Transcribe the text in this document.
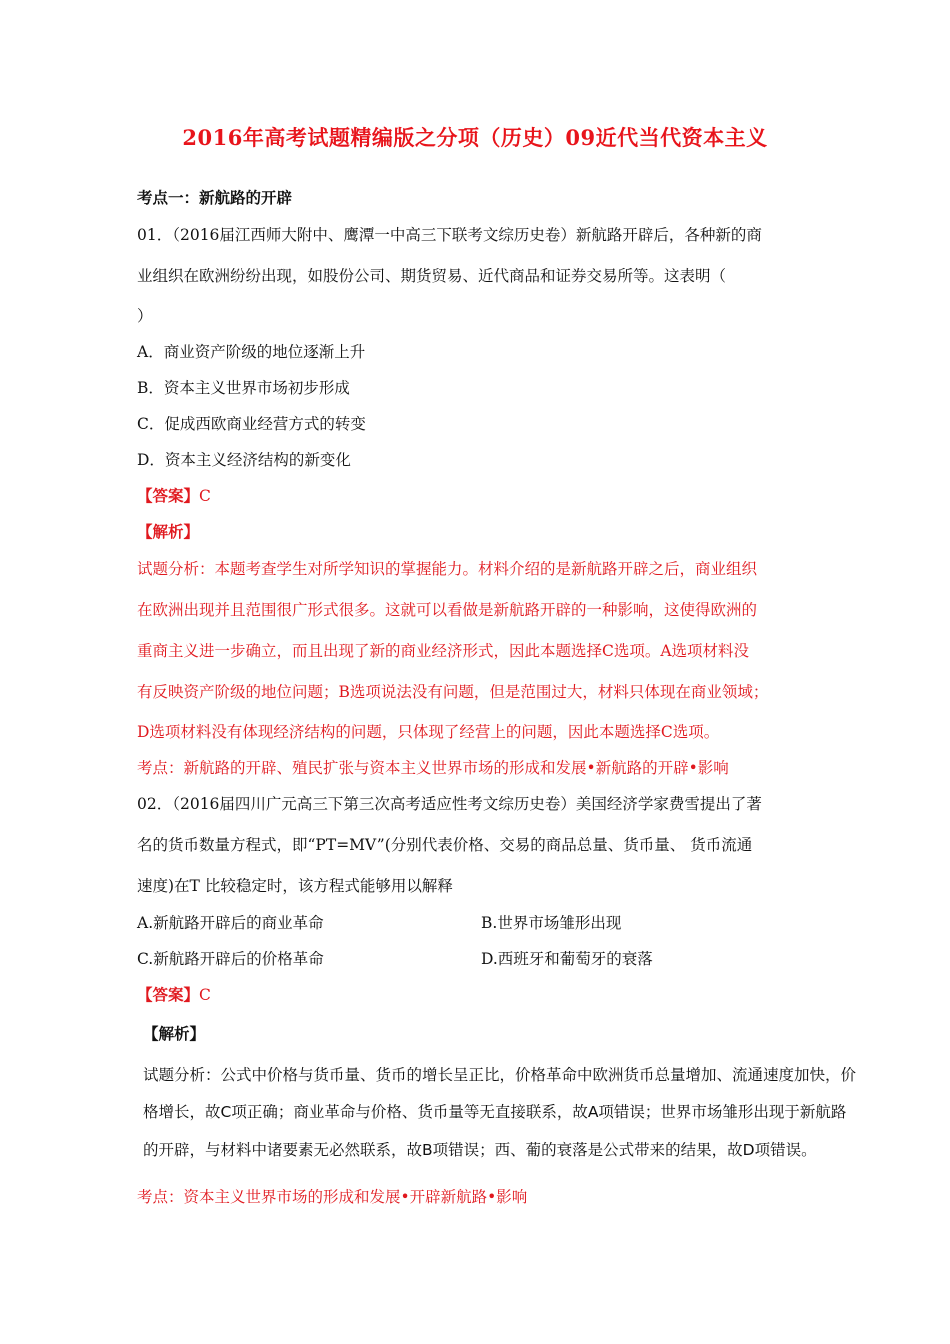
2016年高考试题精编版之分项（历史）09近代当代资本主义
考点一：新航路的开辟
01．（2016届江西师大附中、鹰潭一中高三下联考文综历史卷）新航路开辟后，各种新的商
业组织在欧洲纷纷出现，如股份公司、期货贸易、近代商品和证券交易所等。这表明（
）
A．商业资产阶级的地位逐渐上升
B．资本主义世界市场初步形成
C．促成西欧商业经营方式的转变
D．资本主义经济结构的新变化
【答案】C
【解析】
试题分析：本题考查学生对所学知识的掌握能力。材料介绍的是新航路开辟之后，商业组织
在欧洲出现并且范围很广形式很多。这就可以看做是新航路开辟的一种影响，这使得欧洲的
重商主义进一步确立，而且出现了新的商业经济形式，因此本题选择C选项。A选项材料没
有反映资产阶级的地位问题；B选项说法没有问题，但是范围过大，材料只体现在商业领域；
D选项材料没有体现经济结构的问题，只体现了经营上的问题，因此本题选择C选项。
考点：新航路的开辟、殖民扩张与资本主义世界市场的形成和发展•新航路的开辟•影响
02．（2016届四川广元高三下第三次高考适应性考文综历史卷）美国经济学家费雪提出了著
名的货币数量方程式，即“PT=MV”(分别代表价格、交易的商品总量、货币量、 货币流通
速度)在T 比较稳定时，该方程式能够用以解释
A.新航路开辟后的商业革命	B.世界市场雏形出现
C.新航路开辟后的价格革命	D.西班牙和葡萄牙的衰落
【答案】C
【解析】
试题分析：公式中价格与货币量、货币的增长呈正比，价格革命中欧洲货币总量增加、流通速度加快，价
格增长，故C项正确；商业革命与价格、货币量等无直接联系，故A项错误；世界市场雏形出现于新航路
的开辟，与材料中诸要素无必然联系，故B项错误；西、葡的衰落是公式带来的结果，故D项错误。
考点：资本主义世界市场的形成和发展•开辟新航路•影响
